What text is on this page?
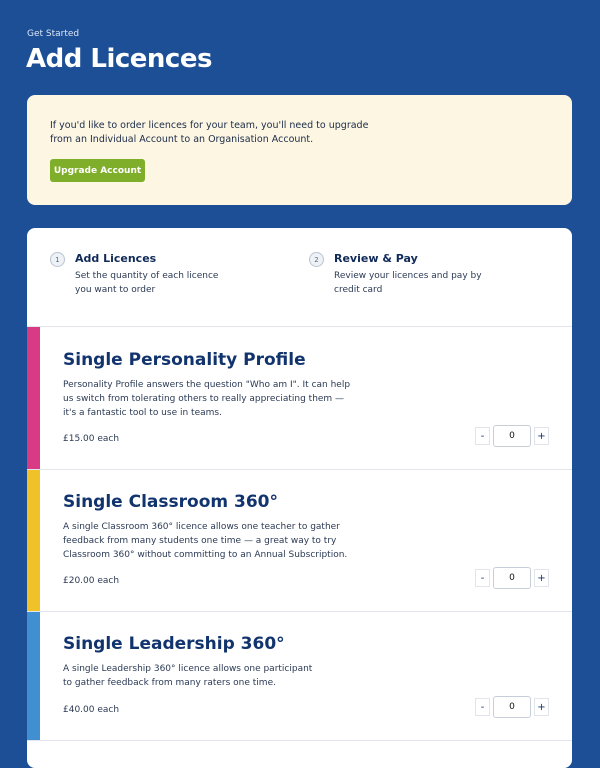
Get Started
Add Licences
If you'd like to order licences for your team, you'll need to upgrade from an Individual Account to an Organisation Account.
Upgrade Account
1	Add Licences
Set the quantity of each licence you want to order
2	Review & Pay
Review your licences and pay by credit card
Single Personality Profile
Personality Profile answers the question "Who am I". It can help us switch from tolerating others to really appreciating them — it's a fantastic tool to use in teams.
£15.00 each	-
0	+
Single Classroom 360°
A single Classroom 360° licence allows one teacher to gather feedback from many students one time — a great way to try Classroom 360° without committing to an Annual Subscription.
£20.00 each	-
0	+
Single Leadership 360°
A single Leadership 360° licence allows one participant to gather feedback from many raters one time.
£40.00 each	-
0	+
